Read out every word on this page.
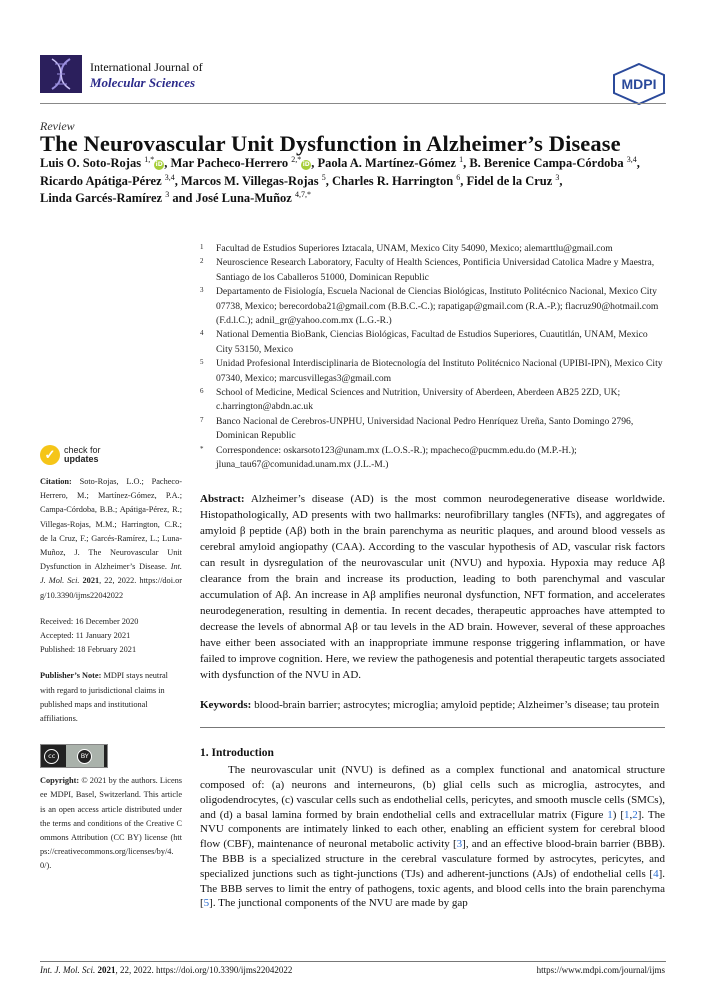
International Journal of
Molecular Sciences	MDPI
Review
The Neurovascular Unit Dysfunction in Alzheimer’s Disease
Luis O. Soto-Rojas $^{1,*}$iD, Mar Pacheco-Herrero $^{2,*}$iD, Paola A. Martínez-Gómez $^1$, B. Berenice Campa-Córdoba $^{3,4}$,
Ricardo Apátiga-Pérez $^{3,4}$, Marcos M. Villegas-Rojas $^5$, Charles R. Harrington $^6$, Fidel de la Cruz $^3$,
Linda Garcés-Ramírez $^3$ and José Luna-Muñoz $^{4,7,*}$
1 Facultad de Estudios Superiores Iztacala, UNAM, Mexico City 54090, Mexico; alemarttlu@gmail.com
2 Neuroscience Research Laboratory, Faculty of Health Sciences, Pontificia Universidad Catolica Madre y Maestra, Santiago de los Caballeros 51000, Dominican Republic
3 Departamento de Fisiología, Escuela Nacional de Ciencias Biológicas, Instituto Politécnico Nacional, Mexico City 07738, Mexico; berecordoba21@gmail.com (B.B.C.-C.); rapatigap@gmail.com (R.A.-P.); flacruz90@hotmail.com (F.d.l.C.); adnil_gr@yahoo.com.mx (L.G.-R.)
4 National Dementia BioBank, Ciencias Biológicas, Facultad de Estudios Superiores, Cuautitlán, UNAM, Mexico City 53150, Mexico
5 Unidad Profesional Interdisciplinaria de Biotecnología del Instituto Politécnico Nacional (UPIBI-IPN), Mexico City 07340, Mexico; marcusvillegas3@gmail.com
6 School of Medicine, Medical Sciences and Nutrition, University of Aberdeen, Aberdeen AB25 2ZD, UK; c.harrington@abdn.ac.uk
7 Banco Nacional de Cerebros-UNPHU, Universidad Nacional Pedro Henríquez Ureña, Santo Domingo 2796, Dominican Republic
* Correspondence: oskarsoto123@unam.mx (L.O.S.-R.); mpacheco@pucmm.edu.do (M.P.-H.); jluna_tau67@comunidad.unam.mx (J.L.-M.)
Abstract: Alzheimer’s disease (AD) is the most common neurodegenerative disease worldwide. Histopathologically, AD presents with two hallmarks: neurofibrillary tangles (NFTs), and aggregates of amyloid β peptide (Aβ) both in the brain parenchyma as neuritic plaques, and around blood vessels as cerebral amyloid angiopathy (CAA). According to the vascular hypothesis of AD, vascular risk factors can result in dysregulation of the neurovascular unit (NVU) and hypoxia. Hypoxia may reduce Aβ clearance from the brain and increase its production, leading to both parenchymal and vascular accumulation of Aβ. An increase in Aβ amplifies neuronal dysfunction, NFT formation, and accelerates neurodegeneration, resulting in dementia. In recent decades, therapeutic approaches have attempted to decrease the levels of abnormal Aβ or tau levels in the AD brain. However, several of these approaches have either been associated with an inappropriate immune response triggering inflammation, or have failed to improve cognition. Here, we review the pathogenesis and potential therapeutic targets associated with dysfunction of the NVU in AD.
Keywords: blood-brain barrier; astrocytes; microglia; amyloid peptide; Alzheimer’s disease; tau protein
1. Introduction

The neurovascular unit (NVU) is defined as a complex functional and anatomical structure composed of: (a) neurons and interneurons, (b) glial cells such as microglia, astrocytes, and oligodendrocytes, (c) vascular cells such as endothelial cells, pericytes, and smooth muscle cells (SMCs), and (d) a basal lamina formed by brain endothelial cells and extracellular matrix (Figure 1) [1,2]. The NVU components are intimately linked to each other, enabling an efficient system for cerebral blood flow (CBF), maintenance of neuronal metabolic activity [3], and an effective blood-brain barrier (BBB). The BBB is a specialized structure in the cerebral vasculature formed by astrocytes, pericytes, and specialized junctions such as tight-junctions (TJs) and adherent-junctions (AJs) of endothelial cells [4]. The BBB serves to limit the entry of pathogens, toxic agents, and blood cells into the brain parenchyma [5]. The junctional components of the NVU are made by gap

✓ check for
updates
Citation: Soto-Rojas, L.O.; Pacheco-Herrero, M.; Martínez-Gómez, P.A.; Campa-Córdoba, B.B.; Apátiga-Pérez, R.; Villegas-Rojas, M.M.; Harrington, C.R.; de la Cruz, F.; Garcés-Ramírez, L.; Luna-Muñoz, J. The Neurovascular Unit Dysfunction in Alzheimer’s Disease. Int. J. Mol. Sci. 2021, 22, 2022. https://doi.org/10.3390/ijms22042022
Received: 16 December 2020
Accepted: 11 January 2021
Published: 18 February 2021
Publisher’s Note: MDPI stays neutral with regard to jurisdictional claims in published maps and institutional affiliations.
cc	BY
Copyright: © 2021 by the authors. Licensee MDPI, Basel, Switzerland. This article is an open access article distributed under the terms and conditions of the Creative Commons Attribution (CC BY) license (https://creativecommons.org/licenses/by/4.0/).
Int. J. Mol. Sci. 2021, 22, 2022. https://doi.org/10.3390/ijms22042022	https://www.mdpi.com/journal/ijms
